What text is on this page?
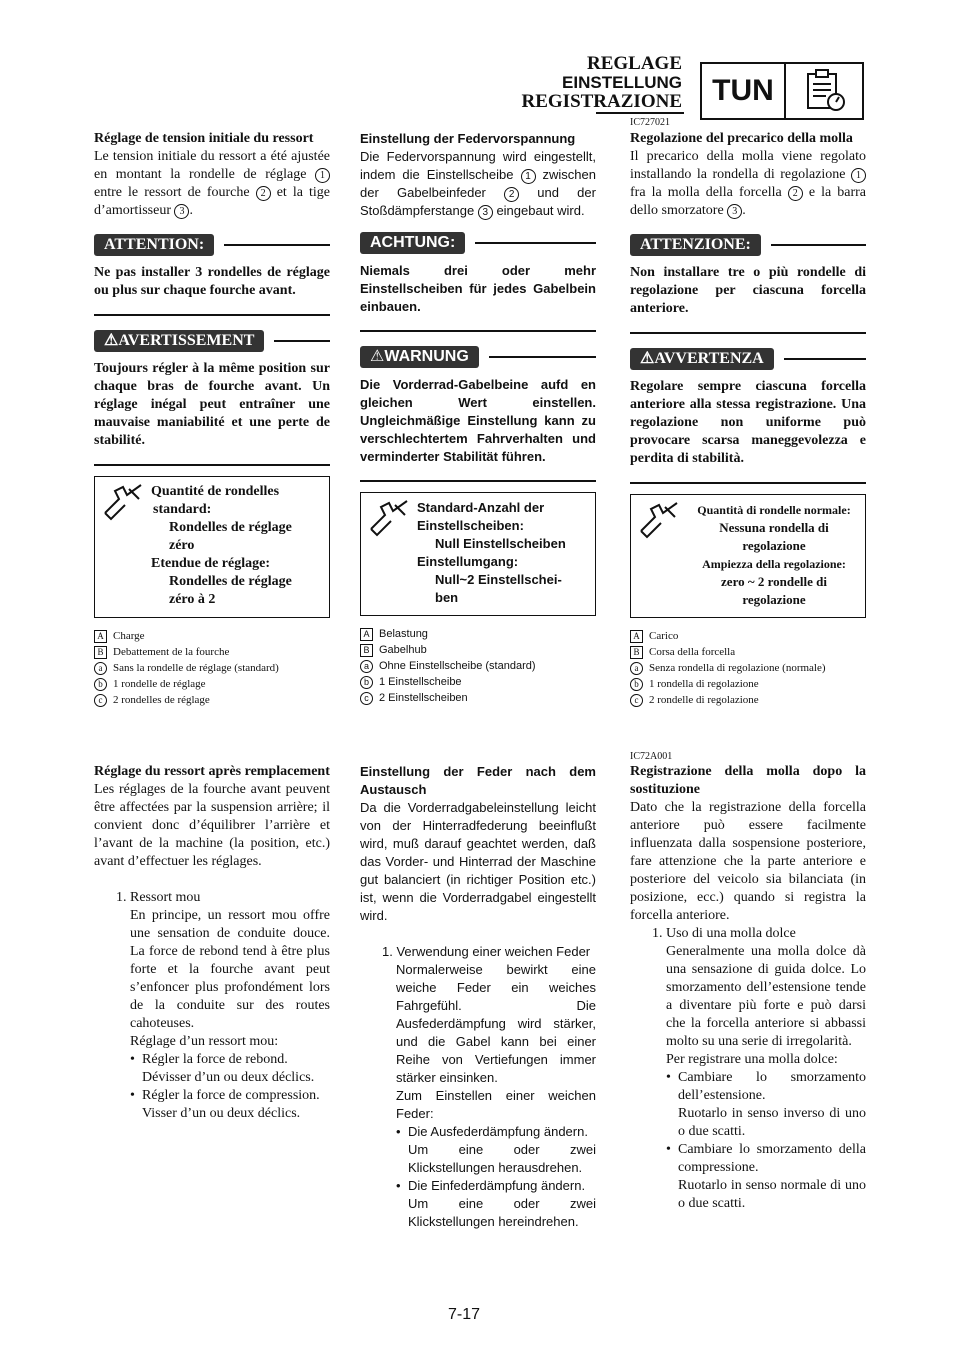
REGLAGE
EINSTELLUNG
REGISTRAZIONE	TUN
IC727021

Réglage de tension initiale du ressort

Le tension initiale du ressort a été ajustée en montant la rondelle de réglage 1 entre le ressort de fourche 2 et la tige d’amortisseur 3 .

ATTENTION:

Ne pas installer 3 rondelles de réglage ou plus sur chaque fourche avant.

⚠AVERTISSEMENT

Toujours régler à la même position sur chaque bras de fourche avant. Un réglage inégal peut entraîner une mauvaise maniabilité et une perte de stabilité.

Quantité de rondelles
standard:
Rondelles de réglage
zéro
Etendue de réglage:
Rondelles de réglage
zéro à 2
A Charge
B Debattement de la fourche
a Sans la rondelle de réglage (standard)
b 1 rondelle de réglage
c 2 rondelles de réglage

Einstellung der Federvorspannung

Die Federvorspannung wird eingestellt, indem die Einstellscheibe 1 zwischen der Gabelbeinfeder 2 und der Stoßdämpferstange 3 eingebaut wird.

ACHTUNG:

Niemals drei oder mehr Einstellscheiben für jedes Gabelbein einbauen.

⚠WARNUNG

Die Vorderrad-Gabelbeine aufd en gleichen Wert einstellen. Ungleichmäßige Einstellung kann zu verschlechtertem Fahrverhalten und verminderter Stabilität führen.

Standard-Anzahl der
Einstellscheiben:
Null Einstellscheiben
Einstellumgang:
Null~2 Einstellschei-
ben
A Belastung
B Gabelhub
a Ohne Einstellscheibe (standard)
b 1 Einstellscheibe
c 2 Einstellscheiben

Regolazione del precarico della molla

Il precarico della molla viene regolato installando la rondella di regolazione 1 fra la molla della forcella 2 e la barra dello smorzatore 3 .

ATTENZIONE:

Non installare tre o più rondelle di regolazione per ciascuna forcella anteriore.

⚠AVVERTENZA

Regolare sempre ciascuna forcella anteriore alla stessa registrazione. Una regolazione non uniforme può provocare scarsa maneggevolezza e perdita di stabilità.

Quantità di rondelle normale:
Nessuna rondella di
regolazione
Ampiezza della regolazione:
zero ~ 2 rondelle di
regolazione
A Carico
B Corsa della forcella
a Senza rondella di regolazione (normale)
b 1 rondella di regolazione
c 2 rondelle di regolazione
IC72A001

Réglage du ressort après remplacement

Les réglages de la fourche avant peuvent être affectées par la suspension arrière; il convient donc d’équilibrer l’arrière et l’avant de la machine (la position, etc.) avant d’effectuer les réglages.

1. Ressort mou

En principe, un ressort mou offre une sensation de conduite douce. La force de rebond tend à être plus forte et la fourche avant peut s’enfoncer plus profondément lors de la conduite sur des routes cahoteuses.

Réglage d’un ressort mou:

• Régler la force de rebond.

Dévisser d’un ou deux déclics.

• Régler la force de compression.

Visser d’un ou deux déclics.

Einstellung der Feder nach dem Austausch

Da die Vorderradgabeleinstellung leicht von der Hinterradfederung beeinflußt wird, muß darauf geachtet werden, daß das Vorder- und Hinterrad der Maschine gut balanciert (in richtiger Position etc.) ist, wenn die Vorderradgabel eingestellt wird.

1. Verwendung einer weichen Feder

Normalerweise bewirkt eine weiche Feder ein weiches Fahrgefühl. Die Ausfederdämpfung wird stärker, und die Gabel kann bei einer Reihe von Vertiefungen immer stärker einsinken.

Zum Einstellen einer weichen Feder:

• Die Ausfederdämpfung ändern.

Um eine oder zwei Klickstellungen herausdrehen.

• Die Einfederdämpfung ändern.

Um eine oder zwei Klickstellungen hereindrehen.

Registrazione della molla dopo la sostituzione

Dato che la registrazione della forcella anteriore può essere facilmente influenzata dalla sospensione posteriore, fare attenzione che la parte anteriore e posteriore del veicolo sia bilanciata (in posizione, ecc.) quando si registra la forcella anteriore.

1. Uso di una molla dolce

Generalmente una molla dolce dà una sensazione di guida dolce. Lo smorzamento dell’estensione tende a diventare più forte e può darsi che la forcella anteriore si abbassi molto su una serie di irregolarità.

Per registrare una molla dolce:

• Cambiare lo smorzamento dell’estensione.

Ruotarlo in senso inverso di uno o due scatti.

• Cambiare lo smorzamento della compressione.

Ruotarlo in senso normale di uno o due scatti.

7-17
